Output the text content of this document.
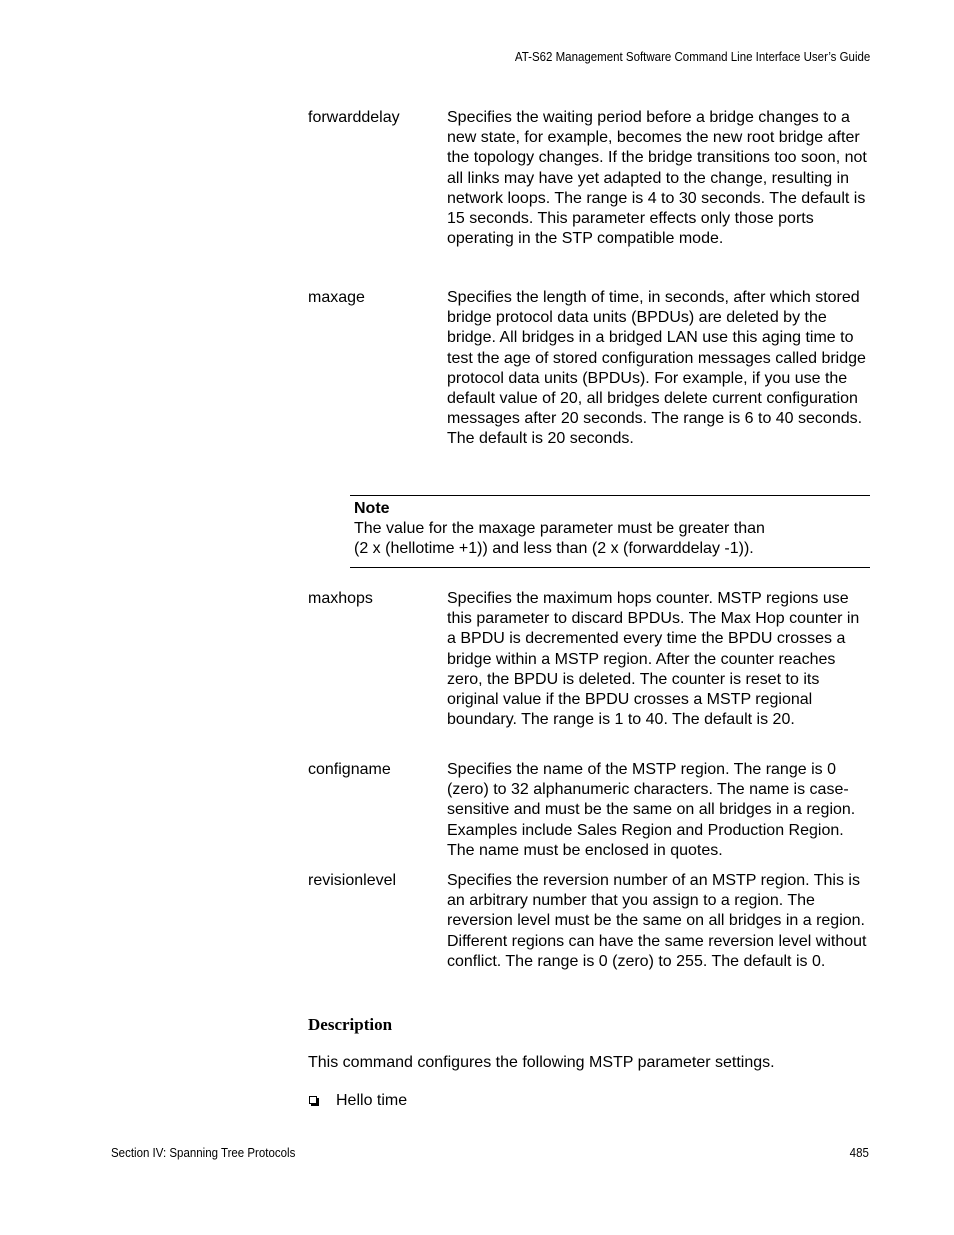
AT-S62 Management Software Command Line Interface User’s Guide
forwarddelay	Specifies the waiting period before a bridge changes to a new state, for example, becomes the new root bridge after the topology changes. If the bridge transitions too soon, not all links may have yet adapted to the change, resulting in network loops. The range is 4 to 30 seconds. The default is 15 seconds. This parameter effects only those ports operating in the STP compatible mode.
maxage	Specifies the length of time, in seconds, after which stored bridge protocol data units (BPDUs) are deleted by the bridge. All bridges in a bridged LAN use this aging time to test the age of stored configuration messages called bridge protocol data units (BPDUs). For example, if you use the default value of 20, all bridges delete current configuration messages after 20 seconds. The range is 6 to 40 seconds. The default is 20 seconds.
maxhops	Specifies the maximum hops counter. MSTP regions use this parameter to discard BPDUs. The Max Hop counter in a BPDU is decremented every time the BPDU crosses a bridge within a MSTP region. After the counter reaches zero, the BPDU is deleted. The counter is reset to its original value if the BPDU crosses a MSTP regional boundary. The range is 1 to 40. The default is 20.
configname	Specifies the name of the MSTP region. The range is 0 (zero) to 32 alphanumeric characters. The name is case-sensitive and must be the same on all bridges in a region. Examples include Sales Region and Production Region. The name must be enclosed in quotes.
revisionlevel	Specifies the reversion number of an MSTP region. This is an arbitrary number that you assign to a region. The reversion level must be the same on all bridges in a region. Different regions can have the same reversion level without conflict. The range is 0 (zero) to 255. The default is 0.
Note
The value for the maxage parameter must be greater than
(2 x (hellotime +1)) and less than (2 x (forwarddelay -1)).
Description
This command configures the following MSTP parameter settings.
Hello time
Section IV: Spanning Tree Protocols	485
